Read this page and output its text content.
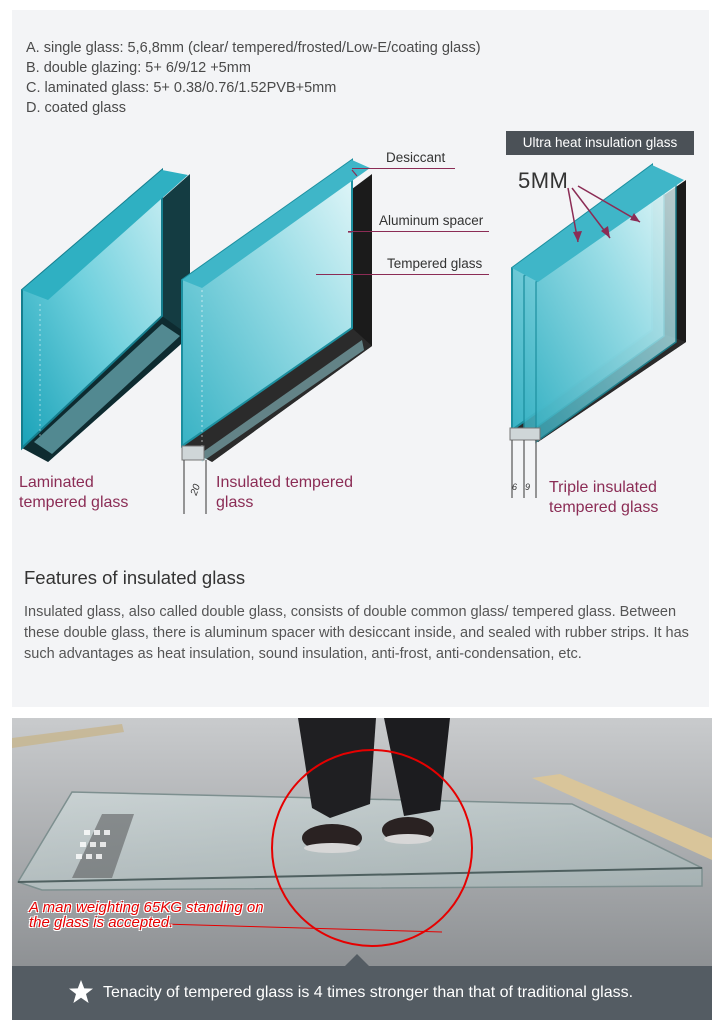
A. single glass: 5,6,8mm (clear/ tempered/frosted/Low-E/coating glass)
B. double glazing: 5+ 6/9/12 +5mm
C. laminated glass: 5+ 0.38/0.76/1.52PVB+5mm
D. coated glass
20	6 9
Ultra heat insulation glass
5MM
Desiccant
Aluminum spacer
Tempered glass
Laminated
tempered glass
Insulated tempered
glass
Triple insulated
tempered glass
Features of insulated glass
Insulated glass, also called double glass, consists of double common glass/ tempered glass. Between these double glass, there is aluminum spacer with desiccant inside, and sealed with rubber strips. It has such advantages as heat insulation, sound insulation, anti-frost, anti-condensation, etc.
A man weighting 65KG standing on
the glass is accepted.
Tenacity of tempered glass is 4 times stronger than that of traditional glass.
